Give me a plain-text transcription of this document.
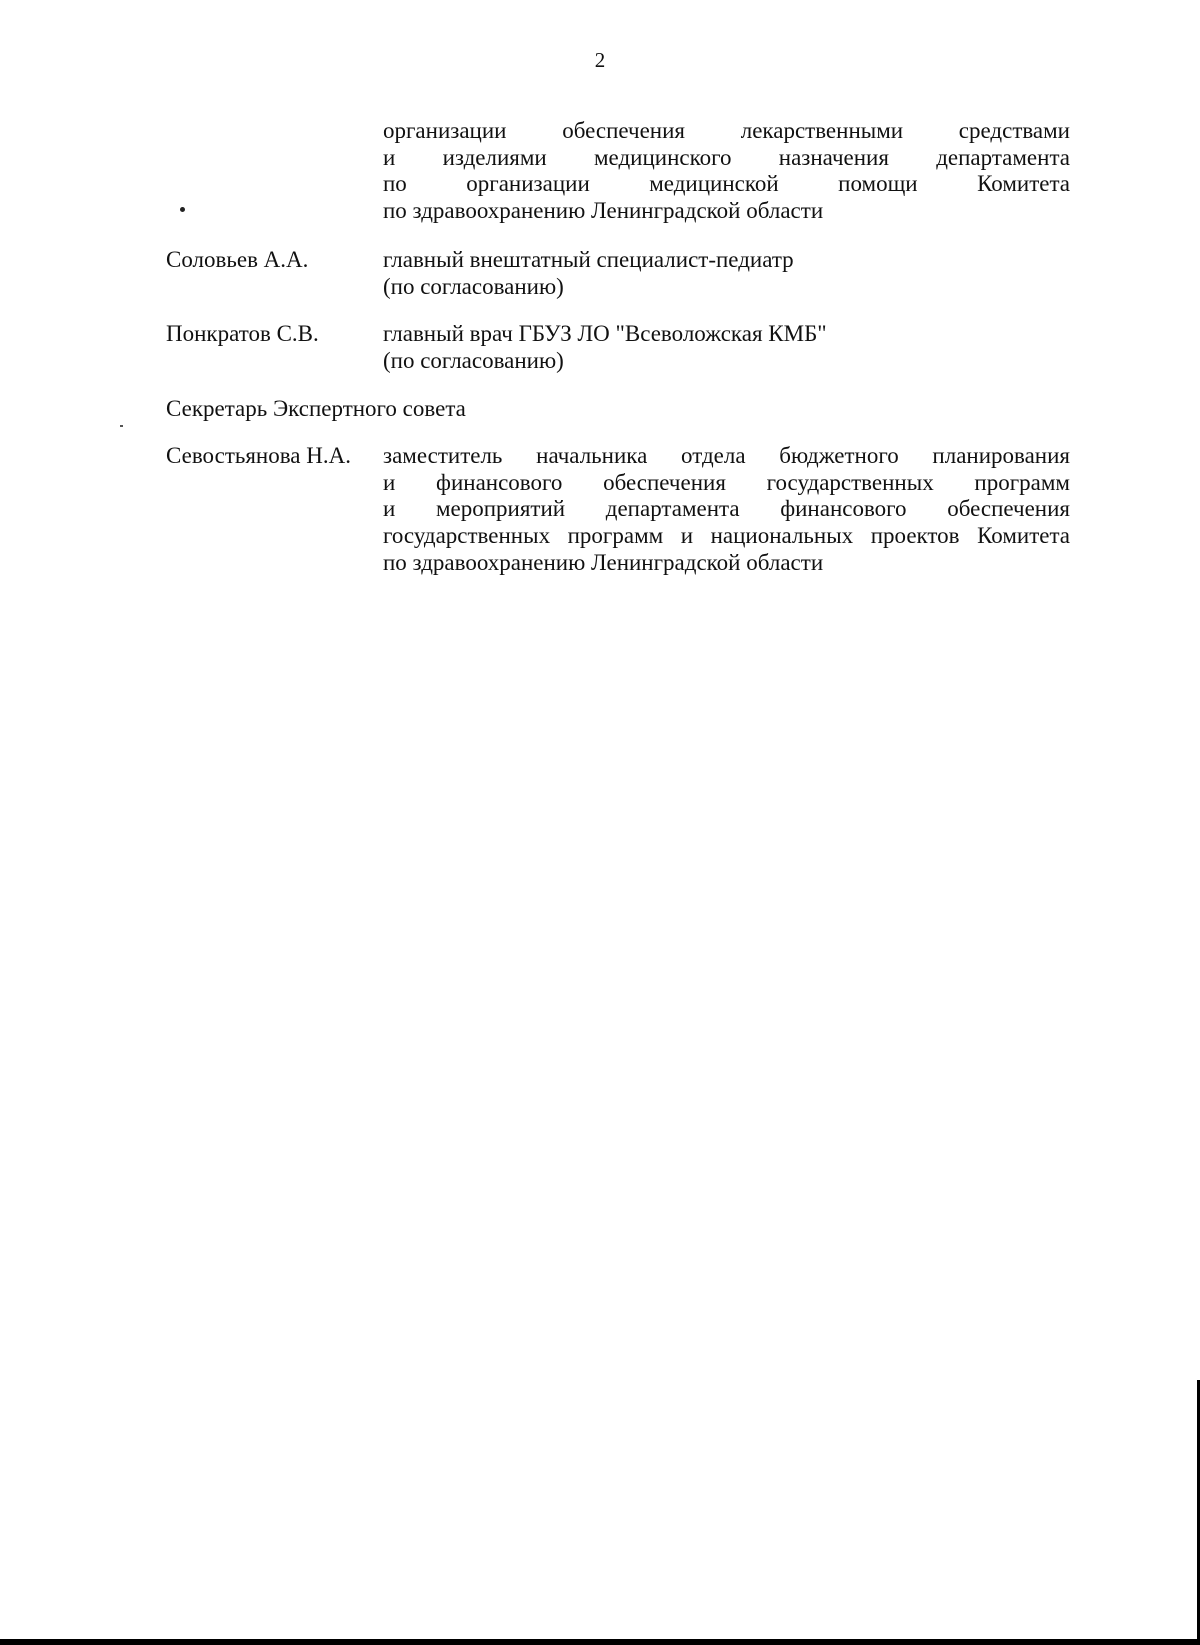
2
организации обеспечения лекарственными средствами
и изделиями медицинского назначения департамента
по организации медицинской помощи Комитета
по здравоохранению Ленинградской области
Соловьев А.А.	главный внештатный специалист-педиатр
(по согласованию)
Понкратов С.В.	главный врач ГБУЗ ЛО "Всеволожская КМБ"
(по согласованию)
Секретарь Экспертного совета
Севостьянова Н.А. заместитель начальника отдела бюджетного планирования
и финансового обеспечения государственных программ
и мероприятий департамента финансового обеспечения
государственных программ и национальных проектов Комитета
по здравоохранению Ленинградской области
